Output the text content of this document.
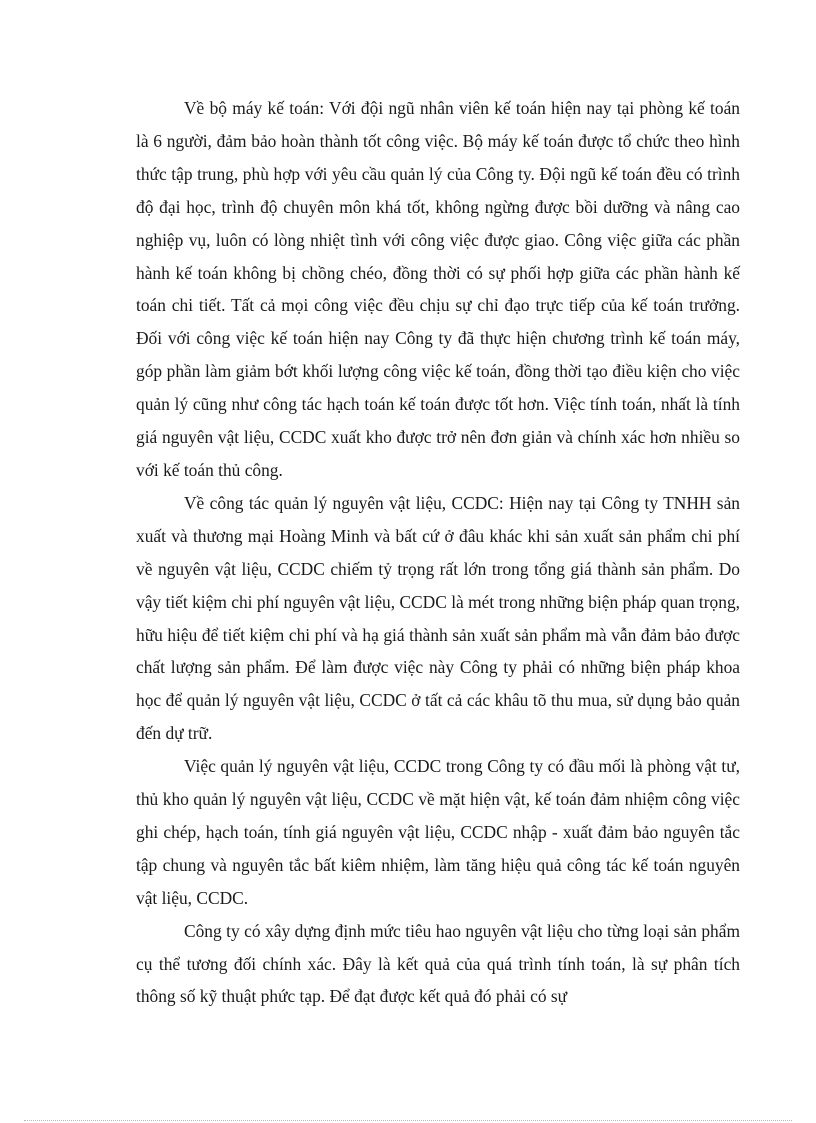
Về bộ máy kế toán: Với đội ngũ nhân viên kế toán hiện nay tại phòng kế toán là 6 người, đảm bảo hoàn thành tốt công việc. Bộ máy kế toán được tổ chức theo hình thức tập trung, phù hợp với yêu cầu quản lý của Công ty. Đội ngũ kế toán đều có trình độ đại học, trình độ chuyên môn khá tốt, không ngừng được bồi dưỡng và nâng cao nghiệp vụ, luôn có lòng nhiệt tình với công việc được giao. Công việc giữa các phần hành kế toán không bị chồng chéo, đồng thời có sự phối hợp giữa các phần hành kế toán chi tiết. Tất cả mọi công việc đều chịu sự chỉ đạo trực tiếp của kế toán trưởng. Đối với công việc kế toán hiện nay Công ty đã thực hiện chương trình kế toán máy, góp phần làm giảm bớt khối lượng công việc kế toán, đồng thời tạo điều kiện cho việc quản lý cũng như công tác hạch toán kế toán được tốt hơn. Việc tính toán, nhất là tính giá nguyên vật liệu, CCDC xuất kho được trở nên đơn giản và chính xác hơn nhiều so với kế toán thủ công.

Về công tác quản lý nguyên vật liệu, CCDC: Hiện nay tại Công ty TNHH sản xuất và thương mại Hoàng Minh và bất cứ ở đâu khác khi sản xuất sản phẩm chi phí về nguyên vật liệu, CCDC chiếm tỷ trọng rất lớn trong tổng giá thành sản phẩm. Do vậy tiết kiệm chi phí nguyên vật liệu, CCDC là mét trong những biện pháp quan trọng, hữu hiệu để tiết kiệm chi phí và hạ giá thành sản xuất sản phẩm mà vẫn đảm bảo được chất lượng sản phẩm. Để làm được việc này Công ty phải có những biện pháp khoa học để quản lý nguyên vật liệu, CCDC ở tất cả các khâu tõ thu mua, sử dụng bảo quản đến dự trữ.

Việc quản lý nguyên vật liệu, CCDC trong Công ty có đầu mối là phòng vật tư, thủ kho quản lý nguyên vật liệu, CCDC về mặt hiện vật, kế toán đảm nhiệm công việc ghi chép, hạch toán, tính giá nguyên vật liệu, CCDC nhập - xuất đảm bảo nguyên tắc tập chung và nguyên tắc bất kiêm nhiệm, làm tăng hiệu quả công tác kế toán nguyên vật liệu, CCDC.

Công ty có xây dựng định mức tiêu hao nguyên vật liệu cho từng loại sản phẩm cụ thể tương đối chính xác. Đây là kết quả của quá trình tính toán, là sự phân tích thông số kỹ thuật phức tạp. Để đạt được kết quả đó phải có sự
